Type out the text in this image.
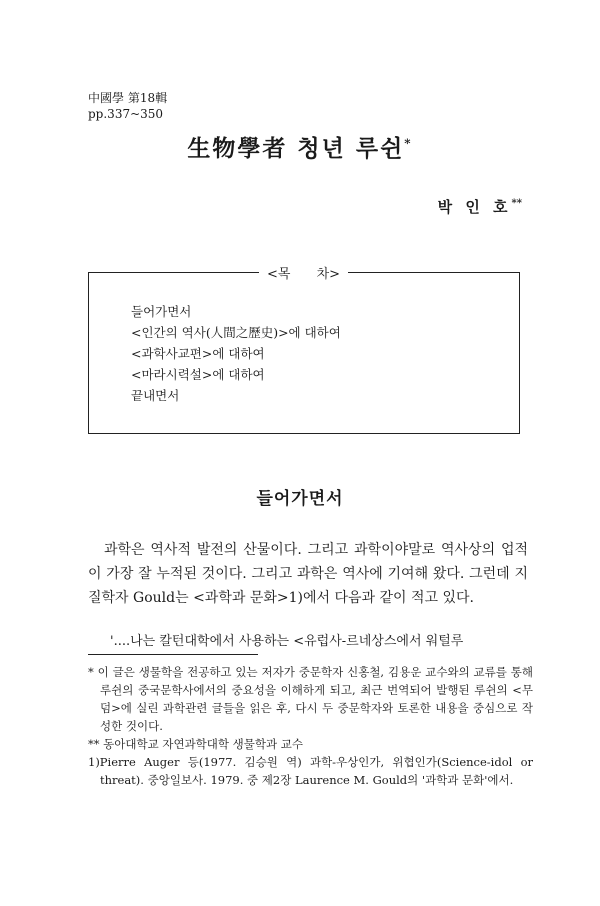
中國學 第18輯
pp.337~350
生物學者 청년 루쉰*
박 인 호**
<목 차>
들어가면서
<인간의 역사(人間之歷史)>에 대하여
<과학사교편>에 대하여
<마라시력설>에 대하여
끝내면서
들어가면서

과학은 역사적 발전의 산물이다. 그리고 과학이야말로 역사상의 업적이 가장 잘 누적된 것이다. 그리고 과학은 역사에 기여해 왔다. 그런데 지질학자 Gould는 <과학과 문화>1)에서 다음과 같이 적고 있다.

'....나는 칼턴대학에서 사용하는 <유럽사-르네상스에서 워털루

* 이 글은 생물학을 전공하고 있는 저자가 중문학자 신홍철, 김용운 교수와의 교류를 통해 루쉰의 중국문학사에서의 중요성을 이해하게 되고, 최근 번역되어 발행된 루쉰의 <무덤>에 실린 과학관련 글들을 읽은 후, 다시 두 중문학자와 토론한 내용을 중심으로 작성한 것이다.

** 동아대학교 자연과학대학 생물학과 교수

1)Pierre Auger 등(1977. 김승원 역) 과학-우상인가, 위협인가(Science-idol or threat). 중앙일보사. 1979. 중 제2장 Laurence M. Gould의 '과학과 문화'에서.
